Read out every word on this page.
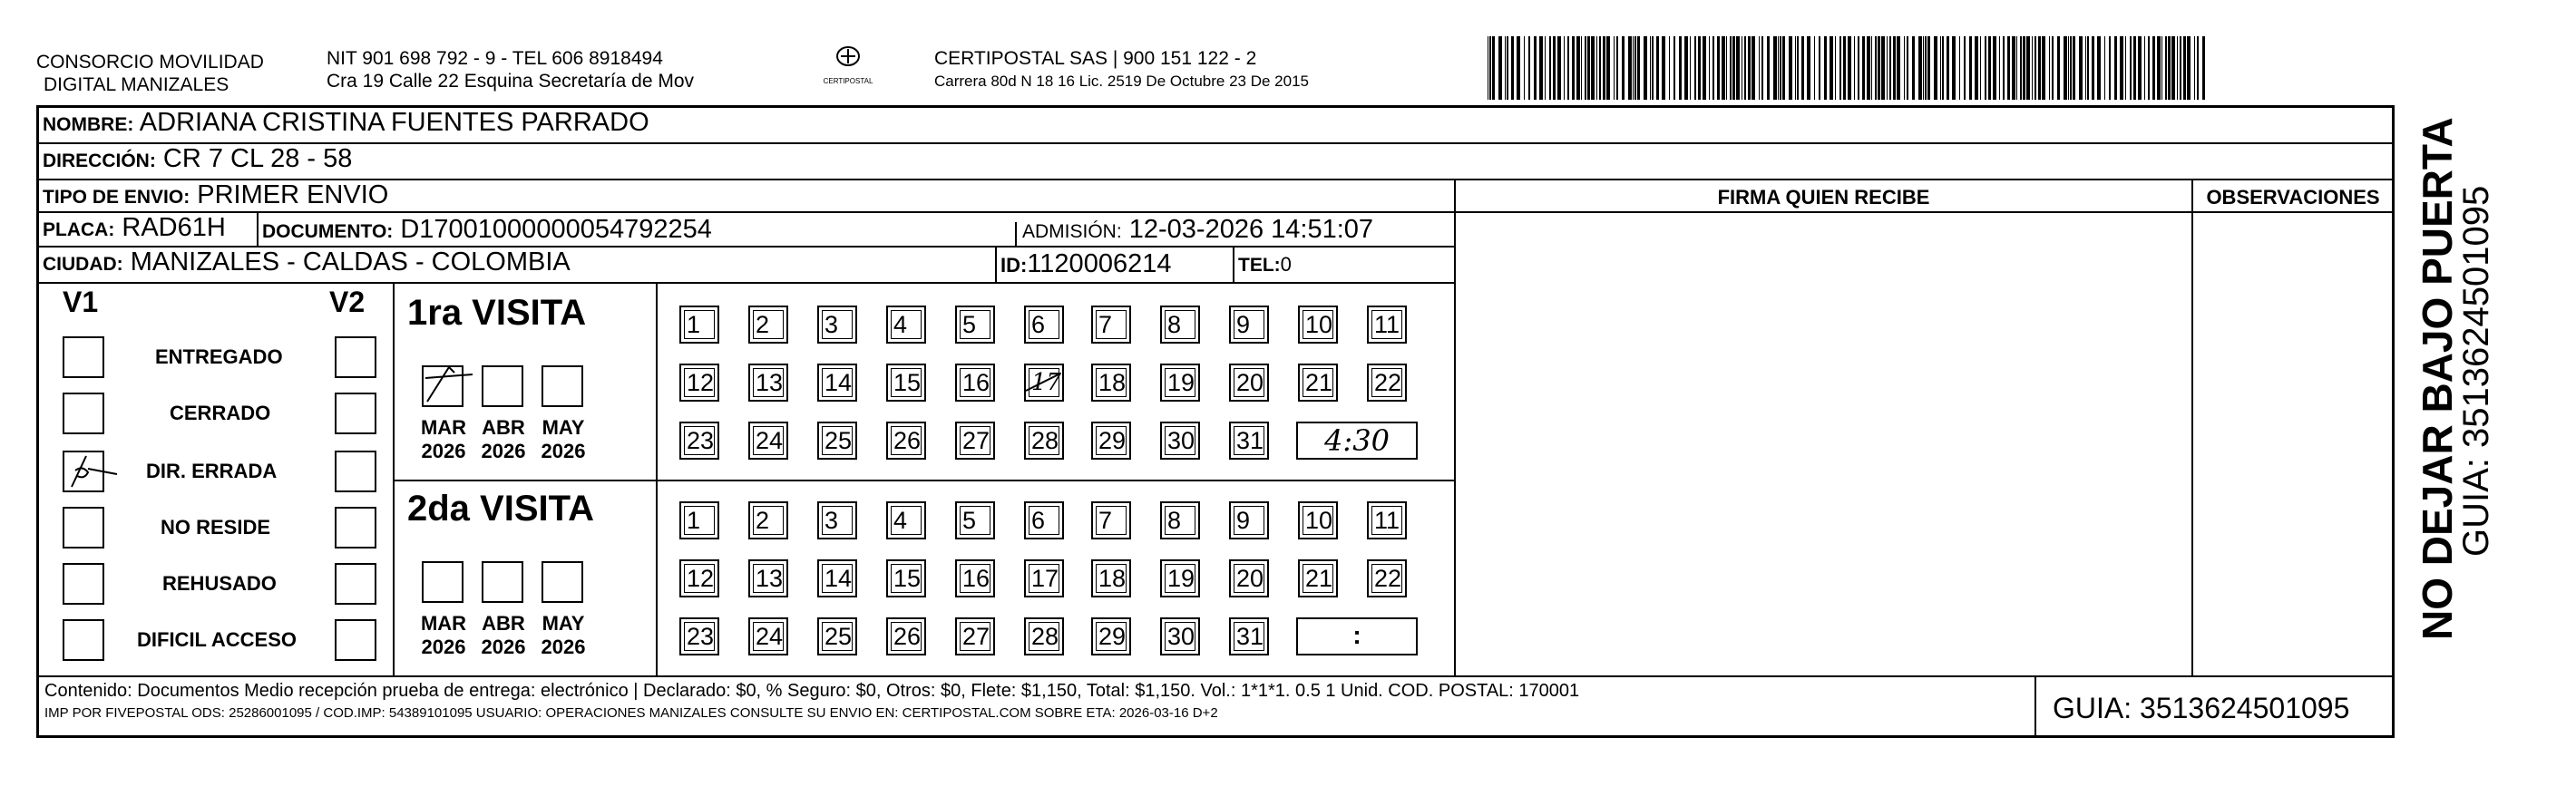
CONSORCIO MOVILIDAD
DIGITAL MANIZALES
NIT 901 698 792 - 9 - TEL 606 8918494
Cra 19 Calle 22 Esquina Secretaría de Mov	CERTIPOSTAL
CERTIPOSTAL SAS | 900 151 122 - 2
Carrera 80d N 18 16 Lic. 2519 De Octubre 23 De 2015
NOMBRE: ADRIANA CRISTINA FUENTES PARRADO
DIRECCIÓN: CR 7 CL 28 - 58
TIPO DE ENVIO: PRIMER ENVIO
PLACA: RAD61H	DOCUMENTO: D17001000000054792254	ADMISIÓN: 12-03-2026 14:51:07
CIUDAD: MANIZALES - CALDAS - COLOMBIA	ID:1120006214	TEL:0
FIRMA QUIEN RECIBE	OBSERVACIONES
V1	V2
ENTREGADO
CERRADO
DIR. ERRADA
NO RESIDE
REHUSADO
DIFICIL ACCESO
1ra VISITA
2da VISITA
MAR
2026
ABR
2026
MAY
2026
MAR
2026
ABR
2026
MAY
2026
1	2	3	4	5	6	7	8	9	10 11
12 13 14 15 16 17 18 19 20 21 22
23 24 25 26 27 28 29 30 31	4:30
1	2	3	4	5	6	7	8	9	10 11
12 13 14 15 16 17 18 19 20 21 22
23 24 25 26 27 28 29 30 31	:
Contenido: Documentos Medio recepción prueba de entrega: electrónico | Declarado: $0, % Seguro: $0, Otros: $0, Flete: $1,150, Total: $1,150. Vol.: 1*1*1. 0.5 1 Unid. COD. POSTAL: 170001
IMP POR FIVEPOSTAL ODS: 25286001095 / COD.IMP: 54389101095 USUARIO: OPERACIONES MANIZALES CONSULTE SU ENVIO EN: CERTIPOSTAL.COM SOBRE ETA: 2026-03-16 D+2	GUIA: 3513624501095
NO DEJAR BAJO PUERTA
GUIA: 3513624501095
